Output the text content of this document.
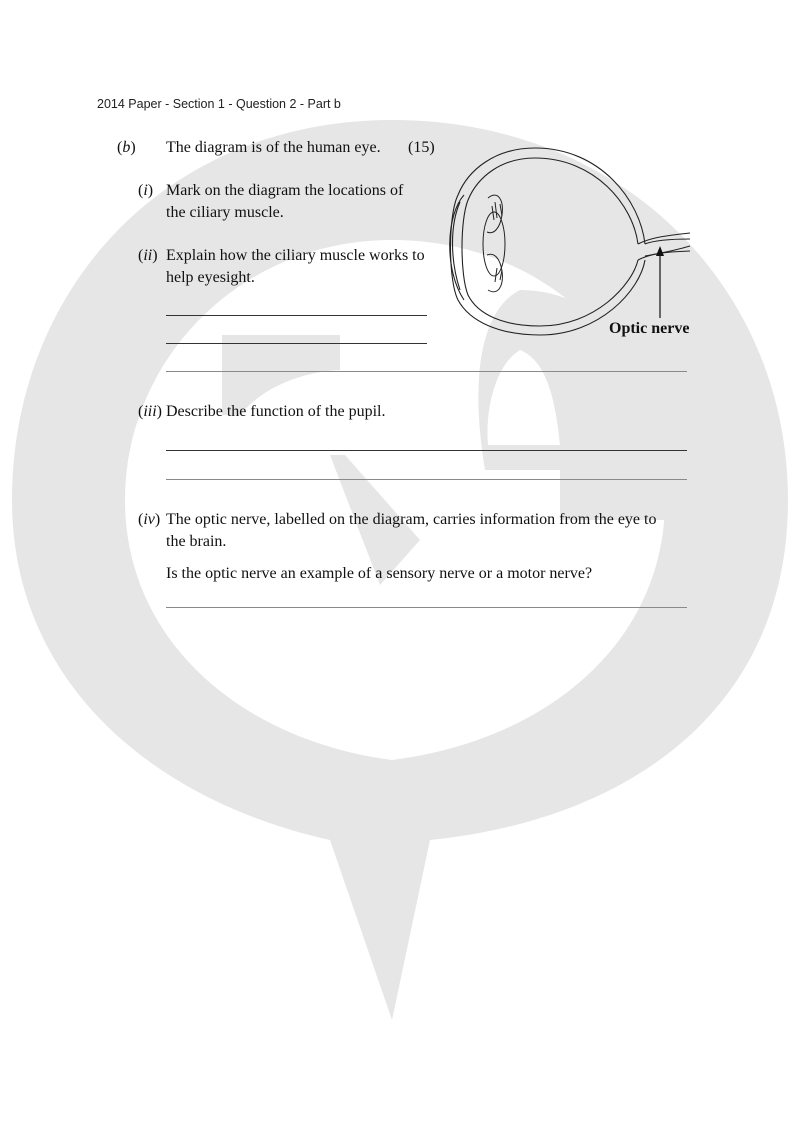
2014 Paper - Section 1 - Question 2 - Part b
(b) The diagram is of the human eye. (15)
(i) Mark on the diagram the locations of
the ciliary muscle.
(ii) Explain how the ciliary muscle works to
help eyesight.
(iii) Describe the function of the pupil.
(iv) The optic nerve, labelled on the diagram, carries information from the eye to
the brain.
Is the optic nerve an example of a sensory nerve or a motor nerve?
Optic nerve
